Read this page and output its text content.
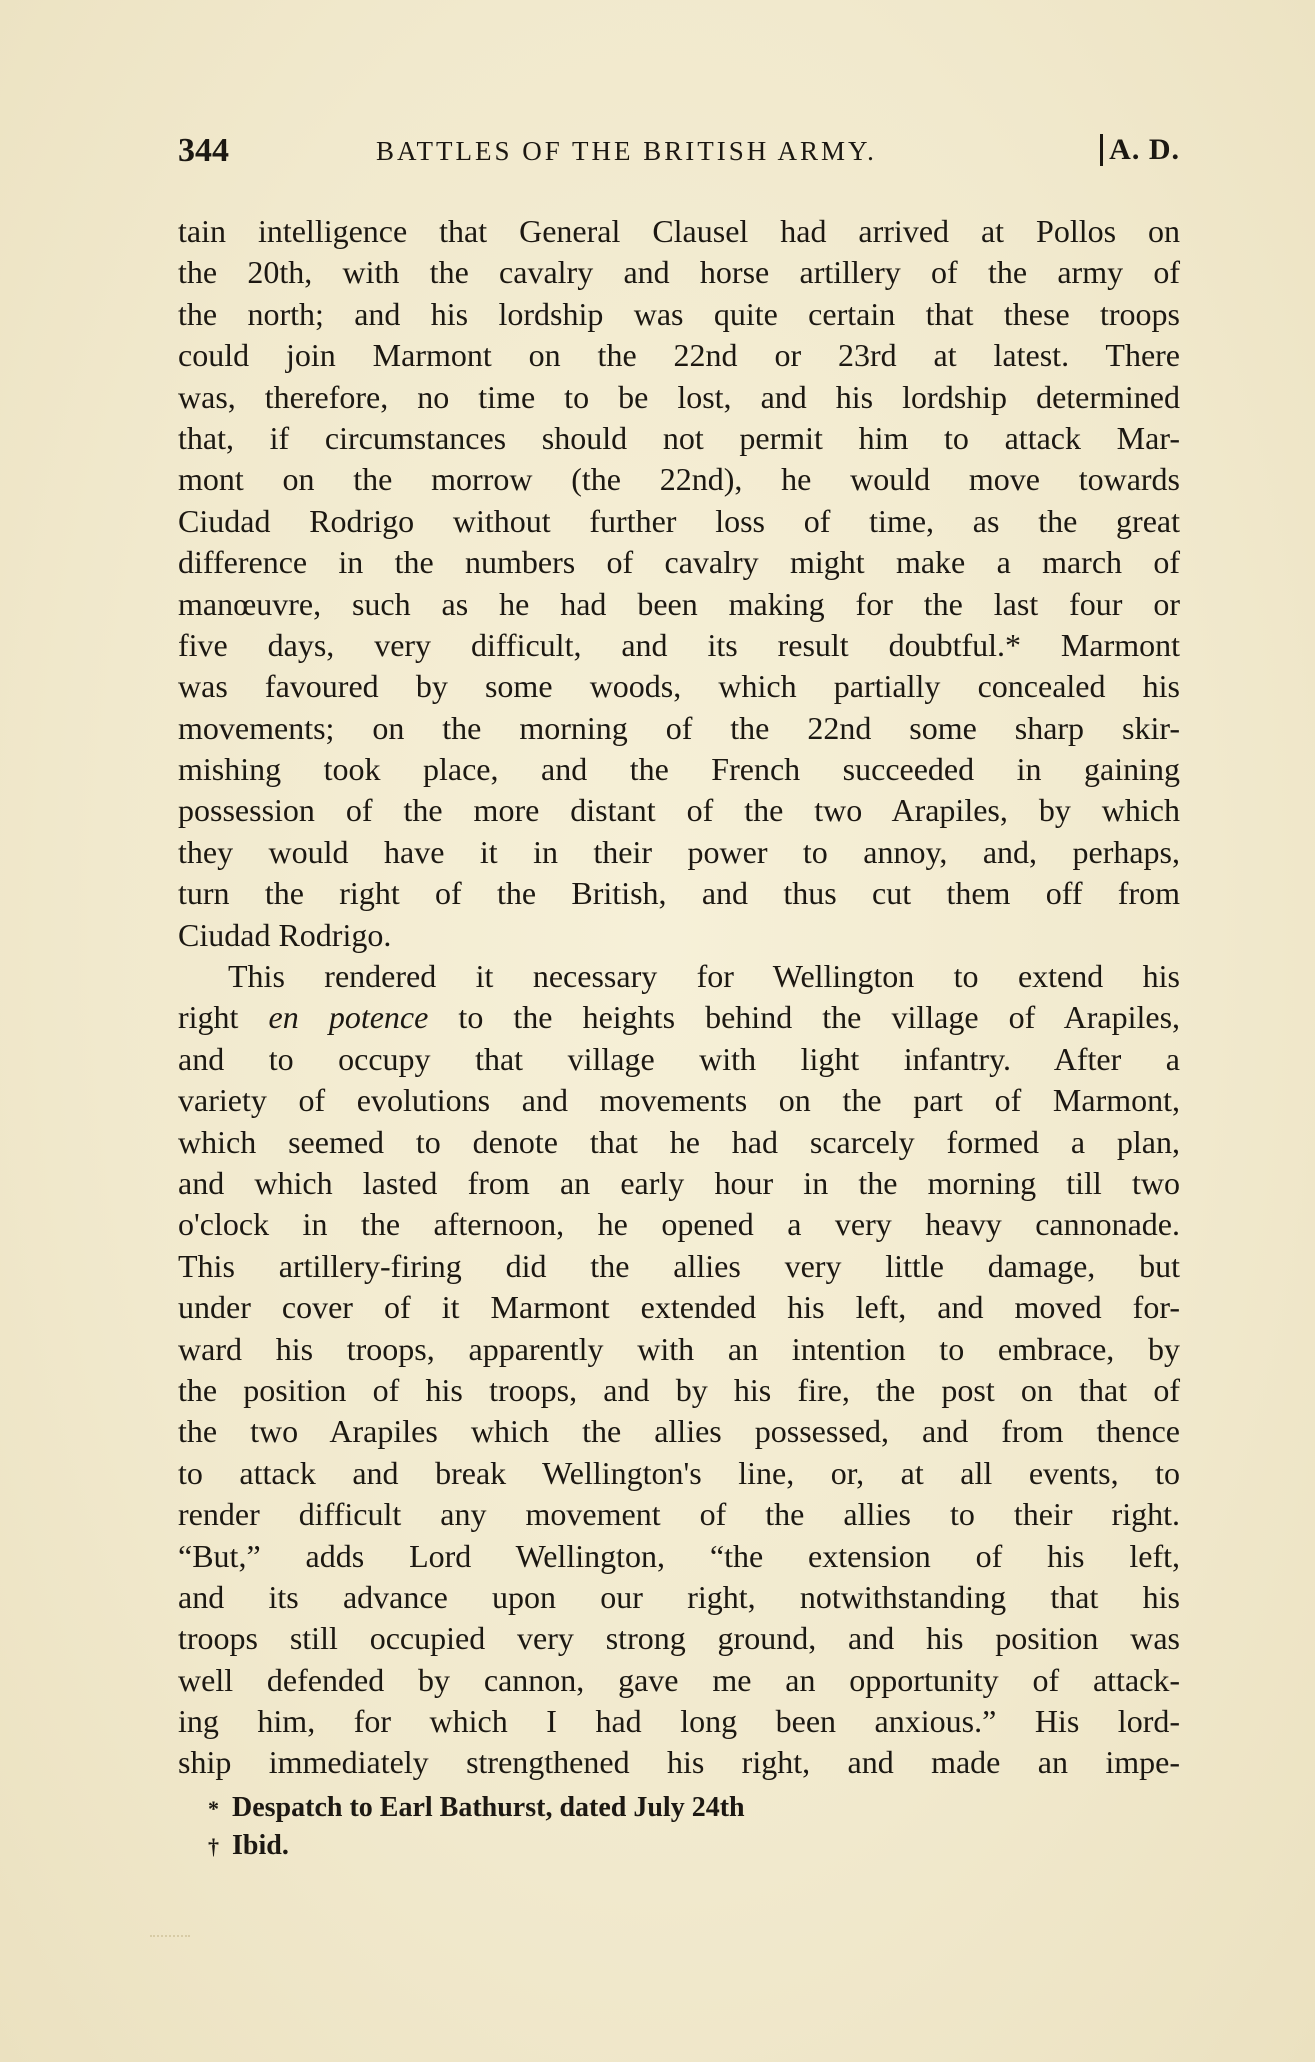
344	BATTLES OF THE BRITISH ARMY.	A. D.
tain intelligence that General Clausel had arrived at Pollos on
the 20th, with the cavalry and horse artillery of the army of
the north; and his lordship was quite certain that these troops
could join Marmont on the 22nd or 23rd at latest. There
was, therefore, no time to be lost, and his lordship determined
that, if circumstances should not permit him to attack Mar-
mont on the morrow (the 22nd), he would move towards
Ciudad Rodrigo without further loss of time, as the great
difference in the numbers of cavalry might make a march of
manœuvre, such as he had been making for the last four or
five days, very difficult, and its result doubtful.* Marmont
was favoured by some woods, which partially concealed his
movements; on the morning of the 22nd some sharp skir-
mishing took place, and the French succeeded in gaining
possession of the more distant of the two Arapiles, by which
they would have it in their power to annoy, and, perhaps,
turn the right of the British, and thus cut them off from
Ciudad Rodrigo.
This rendered it necessary for Wellington to extend his
right en potence to the heights behind the village of Arapiles,
and to occupy that village with light infantry. After a
variety of evolutions and movements on the part of Marmont,
which seemed to denote that he had scarcely formed a plan,
and which lasted from an early hour in the morning till two
o'clock in the afternoon, he opened a very heavy cannonade.
This artillery-firing did the allies very little damage, but
under cover of it Marmont extended his left, and moved for-
ward his troops, apparently with an intention to embrace, by
the position of his troops, and by his fire, the post on that of
the two Arapiles which the allies possessed, and from thence
to attack and break Wellington's line, or, at all events, to
render difficult any movement of the allies to their right.
“But,” adds Lord Wellington, “the extension of his left,
and its advance upon our right, notwithstanding that his
troops still occupied very strong ground, and his position was
well defended by cannon, gave me an opportunity of attack-
ing him, for which I had long been anxious.” His lord-
ship immediately strengthened his right, and made an impe-
* Despatch to Earl Bathurst, dated July 24th
† Ibid.
